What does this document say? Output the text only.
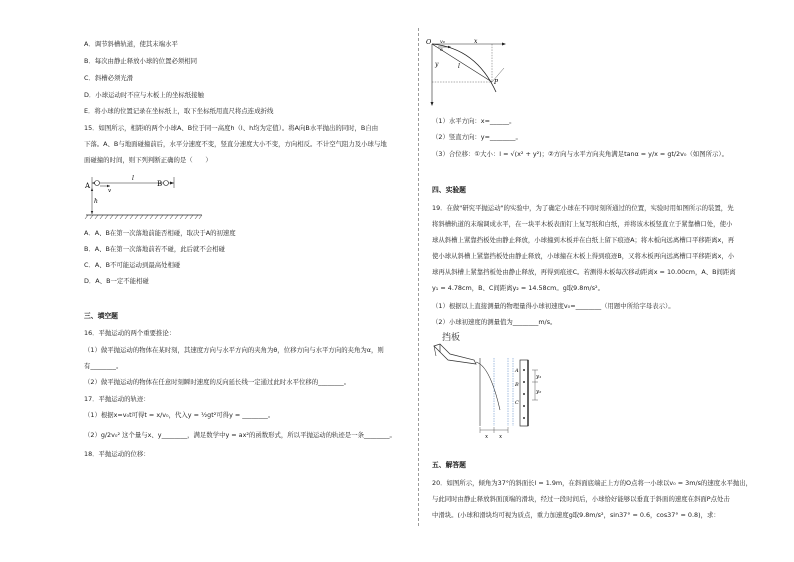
A．调节斜槽轨道，使其末端水平
B．每次由静止释放小球的位置必须相同
C．斜槽必须光滑
D．小球运动时不应与木板上的坐标纸接触
E．将小球的位置记录在坐标纸上，取下坐标纸用直尺将点连成折线
15．如图所示，相距l的两个小球A、B位于同一高度h（l、h均为定值）。将A向B水平抛出的同时，B自由
下落。A、B与地面碰撞前后，水平分速度不变，竖直分速度大小不变，方向相反。不计空气阻力及小球与地
面碰撞的时间，则下列判断正确的是（　　）
A	B
v
l
h
A．A、B在第一次落地前能否相碰，取决于A的初速度
B．A、B在第一次落地前若不碰，此后就不会相碰
C．A、B不可能运动到最高处相碰
D．A、B一定不能相碰
三、填空题
16．平抛运动的两个重要推论：
（1）做平抛运动的物体在某时刻，其速度方向与水平方向的夹角为θ，位移方向与水平方向的夹角为α，则
有________。
（2）做平抛运动的物体在任意时刻瞬时速度的反向延长线一定通过此时水平位移的________。
17．平抛运动的轨迹：
（1）根据x=v₀t可得t = x/v₀，代入y = ½gt²可得y = ________。
（2）g/2v₀² 这个量与x、y________，满足数学中y = ax²的函数形式，所以平抛运动的轨迹是一条________。
18．平抛运动的位移：
O v₀	x
y	l
P
α
（1）水平方向：x=______。
（2）竖直方向：y=________。
（3）合位移：①大小：l = √(x² + y²)；②方向与水平方向夹角满足tanα = y/x = gt/2v₀（如图所示）。
四、实验题
19．在做"研究平抛运动"的实验中，为了确定小球在不同时刻所通过的位置，实验时用如图所示的装置，先
将斜槽轨道的末端调成水平，在一块平木板表面钉上复写纸和白纸，并将该木板竖直立于紧靠槽口处，使小
球从斜槽上紧靠挡板处由静止释放，小球撞到木板并在白纸上留下痕迹A；将木板向远离槽口平移距离x，再
使小球从斜槽上紧靠挡板处由静止释放，小球撞在木板上得到痕迹B，又将木板再向远离槽口平移距离x，小
球再从斜槽上紧靠挡板处由静止释放，再得到痕迹C。若测得木板每次移动距离x = 10.00cm，A、B间距离
y₁ = 4.78cm，B、C间距离y₂ = 14.58cm。g取9.8m/s²。
（1）根据以上直接测量的物理量得小球初速度v₀=________（用题中所给字母表示）。
（2）小球初速度的测量值为________m/s。
挡板
y₁
y₂
A
B
C
x x
五、解答题
20．如图所示，倾角为37°的斜面长l = 1.9m，在斜面底端正上方的O点将一小球以v₀ = 3m/s的速度水平抛出，
与此同时由静止释放斜面顶端的滑块，经过一段时间后，小球恰好能够以垂直于斜面的速度在斜面P点处击
中滑块。(小球和滑块均可视为质点，重力加速度g取9.8m/s²，sin37° = 0.6，cos37° = 0.8)，求：
